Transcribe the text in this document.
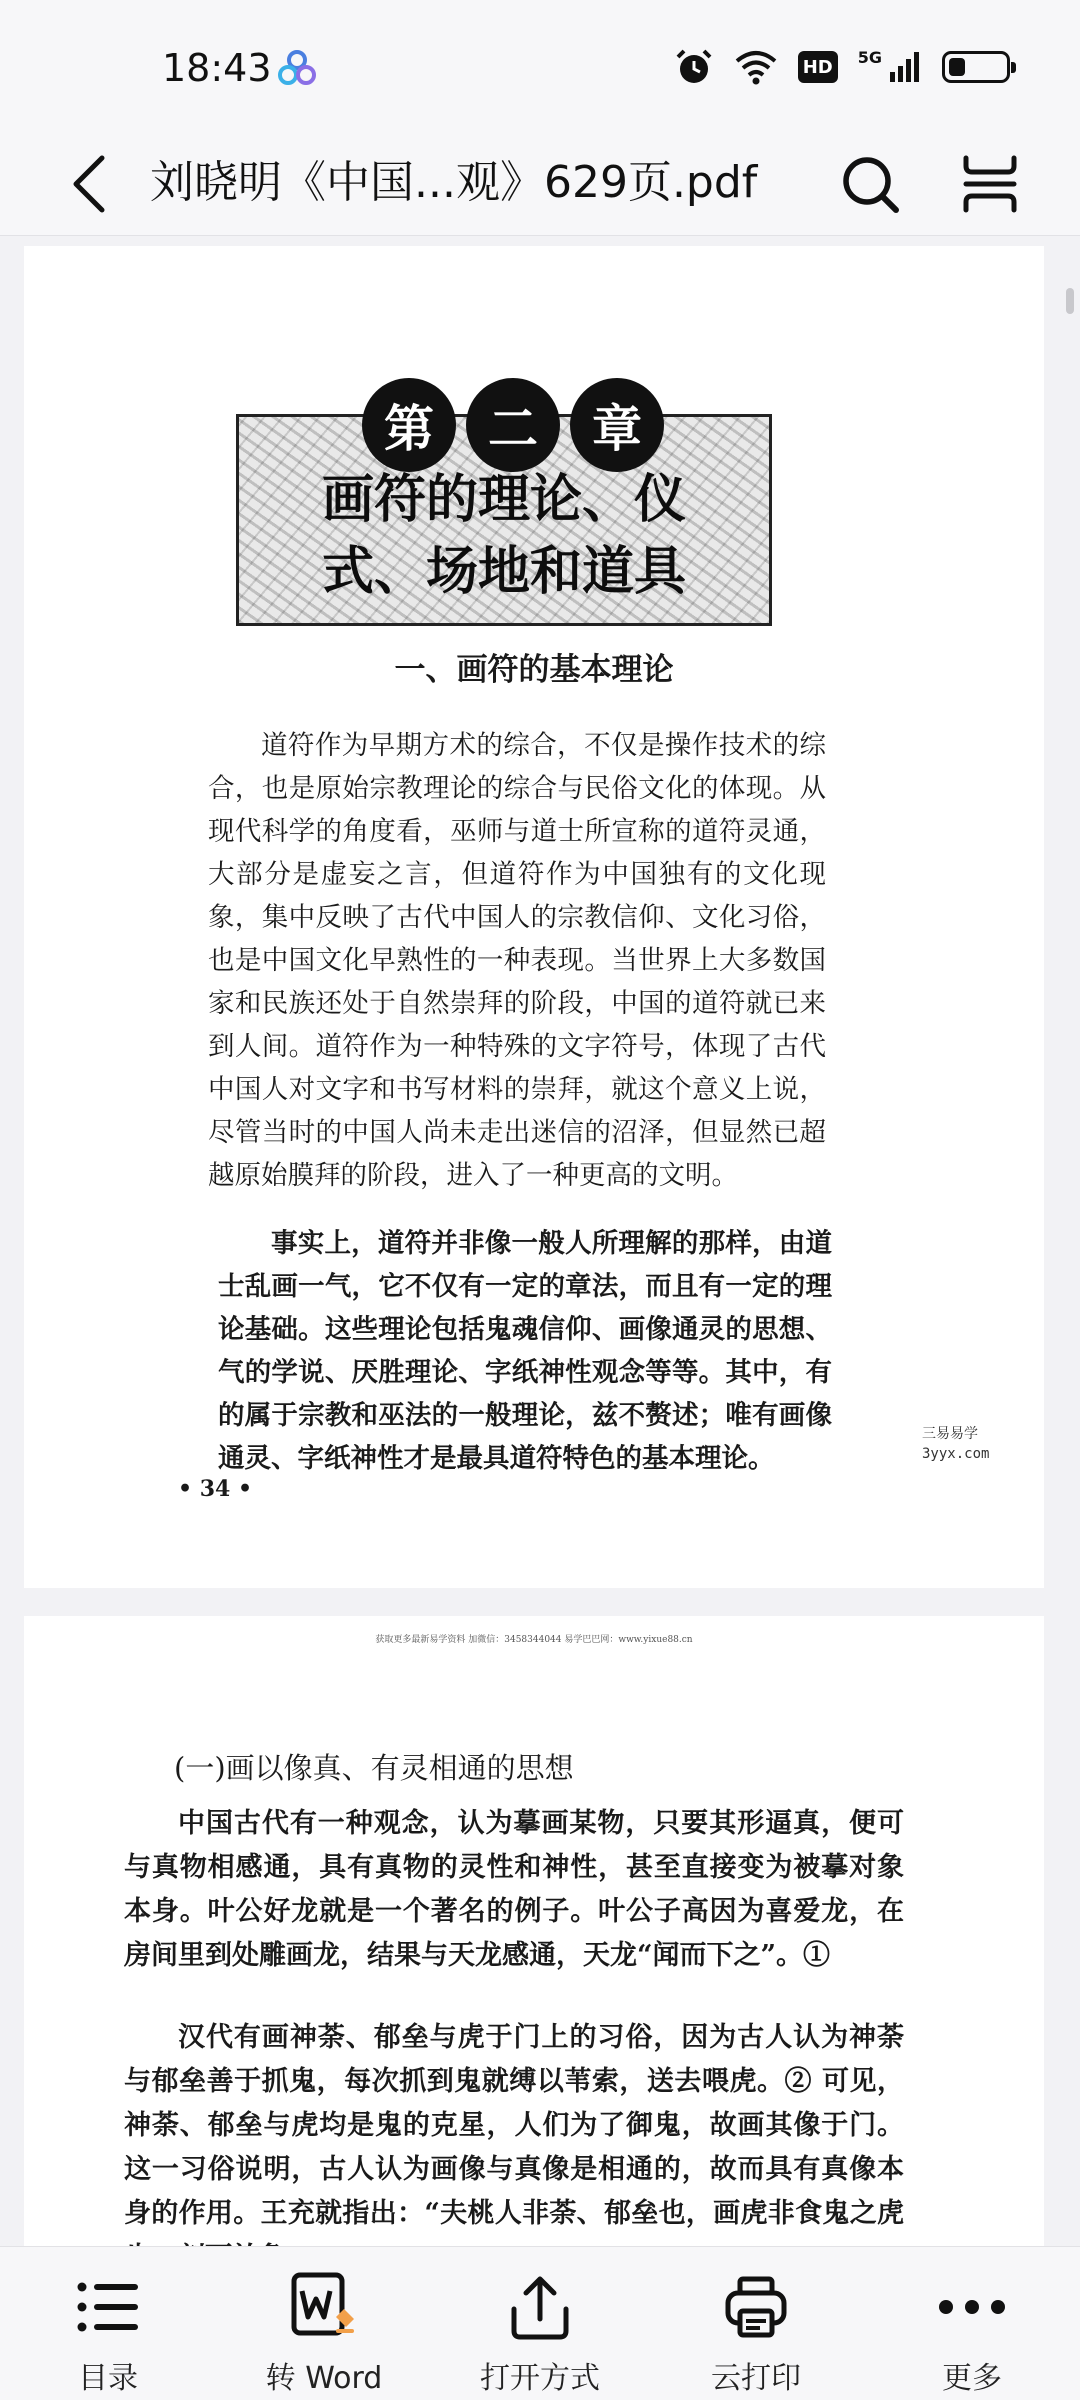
18:43	HD	5G
刘晓明《中国...观》629页.pdf
第	二	章
画符的理论、仪
式、场地和道具
一、画符的基本理论

道符作为早期方术的综合，不仅是操作技术的综合，也是原始宗教理论的综合与民俗文化的体现。从现代科学的角度看，巫师与道士所宣称的道符灵通，大部分是虚妄之言，但道符作为中国独有的文化现象，集中反映了古代中国人的宗教信仰、文化习俗，也是中国文化早熟性的一种表现。当世界上大多数国家和民族还处于自然崇拜的阶段，中国的道符就已来到人间。道符作为一种特殊的文字符号，体现了古代中国人对文字和书写材料的崇拜，就这个意义上说，尽管当时的中国人尚未走出迷信的沼泽，但显然已超越原始膜拜的阶段，进入了一种更高的文明。

事实上，道符并非像一般人所理解的那样，由道士乱画一气，它不仅有一定的章法，而且有一定的理论基础。这些理论包括鬼魂信仰、画像通灵的思想、气的学说、厌胜理论、字纸神性观念等等。其中，有的属于宗教和巫法的一般理论，兹不赘述；唯有画像通灵、字纸神性才是最具道符特色的基本理论。

• 34 •
三易易学
3yyx.com
获取更多最新易学资料 加微信：3458344044 易学巴巴网：www.yixue88.cn
(一)画以像真、有灵相通的思想

中国古代有一种观念，认为摹画某物，只要其形逼真，便可与真物相感通，具有真物的灵性和神性，甚至直接变为被摹对象本身。叶公好龙就是一个著名的例子。叶公子高因为喜爱龙，在房间里到处雕画龙，结果与天龙感通，天龙“闻而下之”。①

汉代有画神荼、郁垒与虎于门上的习俗，因为古人认为神荼与郁垒善于抓鬼，每次抓到鬼就缚以苇索，送去喂虎。② 可见，神荼、郁垒与虎均是鬼的克星，人们为了御鬼，故画其像于门。这一习俗说明，古人认为画像与真像是相通的，故而具有真像本身的作用。王充就指出：“夫桃人非荼、郁垒也，画虎非食鬼之虎

目录	转 Word	打开方式	云打印	更多
